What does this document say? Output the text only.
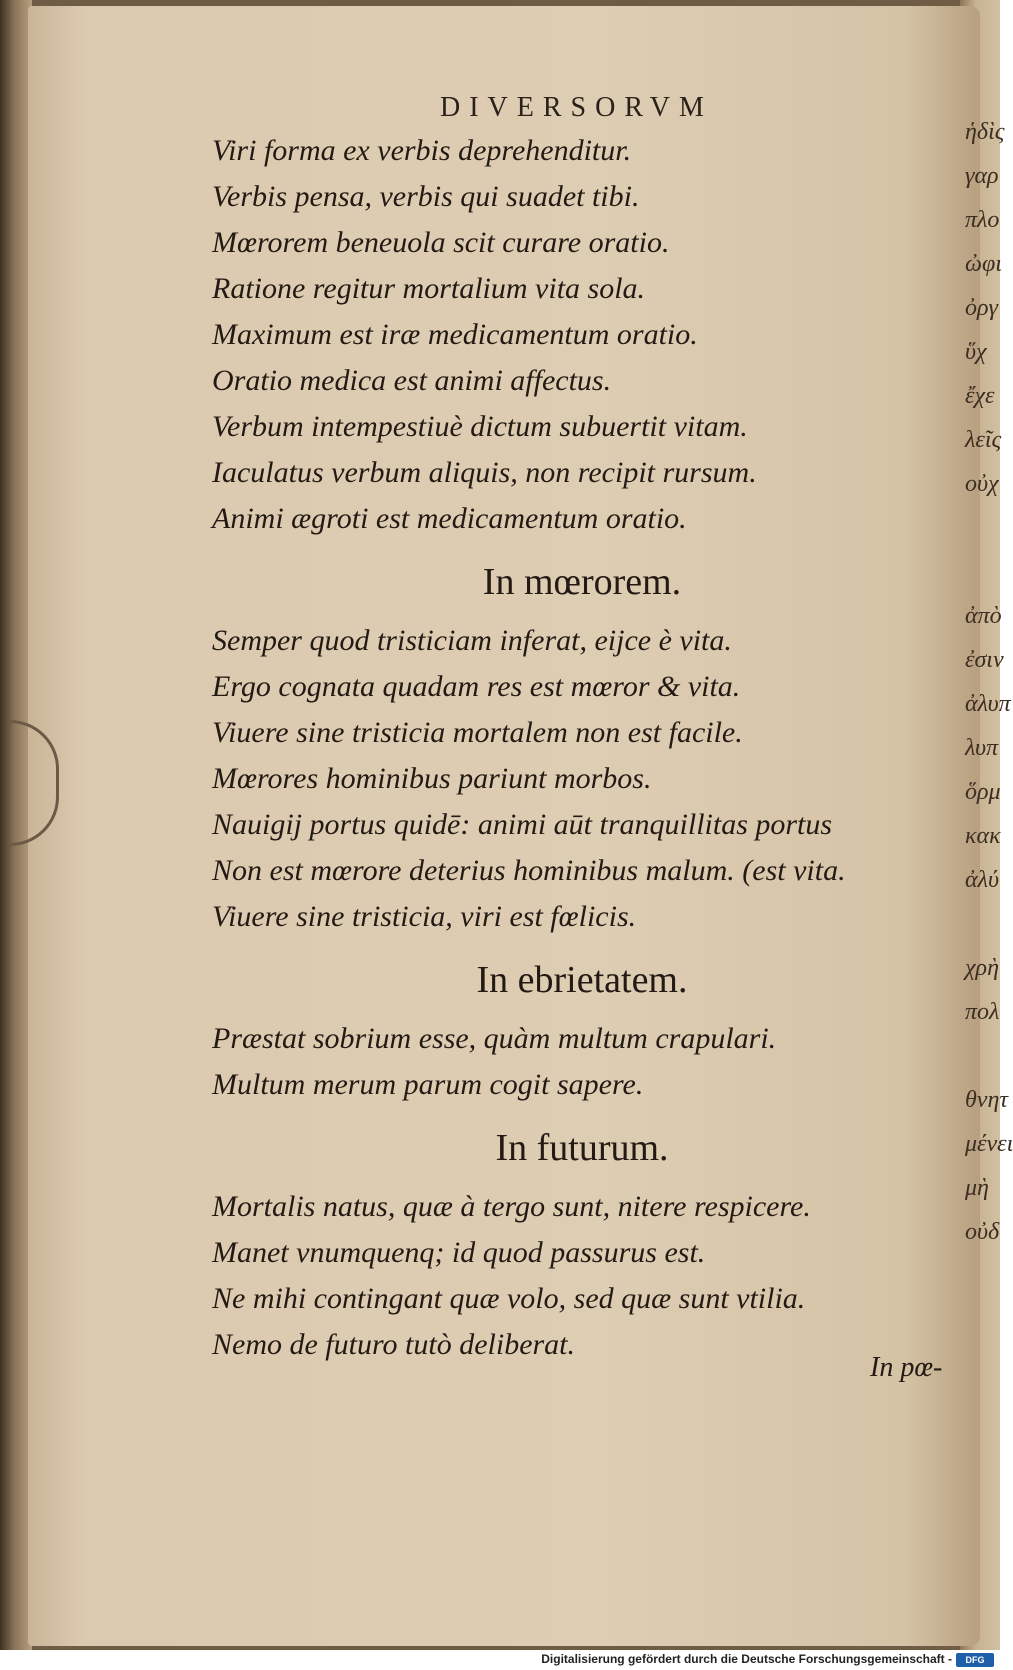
ἡδὶς
γαρ
πλο
ὠφι
ὀργ
ὕχ
ἔχε
λεῖς
οὐχ

ἀπὸ
ἐσιν
ἀλυπ
λυπ
ὅρμ
κακ
ἀλύ

χρὴ
πολ

θνητ
μένει
μὴ
οὐδ
DIVERSORVM
Viri forma ex verbis deprehenditur.
Verbis pensa, verbis qui suadet tibi.
Mœrorem beneuola scit curare oratio.
Ratione regitur mortalium vita sola.
Maximum est iræ medicamentum oratio.
Oratio medica est animi affectus.
Verbum intempestiuè dictum subuertit vitam.
Iaculatus verbum aliquis, non recipit rursum.
Animi ægroti est medicamentum oratio.
In mœrorem.
Semper quod tristiciam inferat, eijce è vita.
Ergo cognata quadam res est mœror & vita.
Viuere sine tristicia mortalem non est facile.
Mœrores hominibus pariunt morbos.
Nauigij portus quidē: animi aūt tranquillitas portus
Non est mœrore deterius hominibus malum. (est vita.
Viuere sine tristicia, viri est fœlicis.
In ebrietatem.
Præstat sobrium esse, quàm multum crapulari.
Multum merum parum cogit sapere.
In futurum.
Mortalis natus, quæ à tergo sunt, nitere respicere.
Manet vnumquenq; id quod passurus est.
Ne mihi contingant quæ volo, sed quæ sunt vtilia.
Nemo de futuro tutò deliberat.
In pœ-
Digitalisierung gefördert durch die Deutsche Forschungsgemeinschaft -	DFG
